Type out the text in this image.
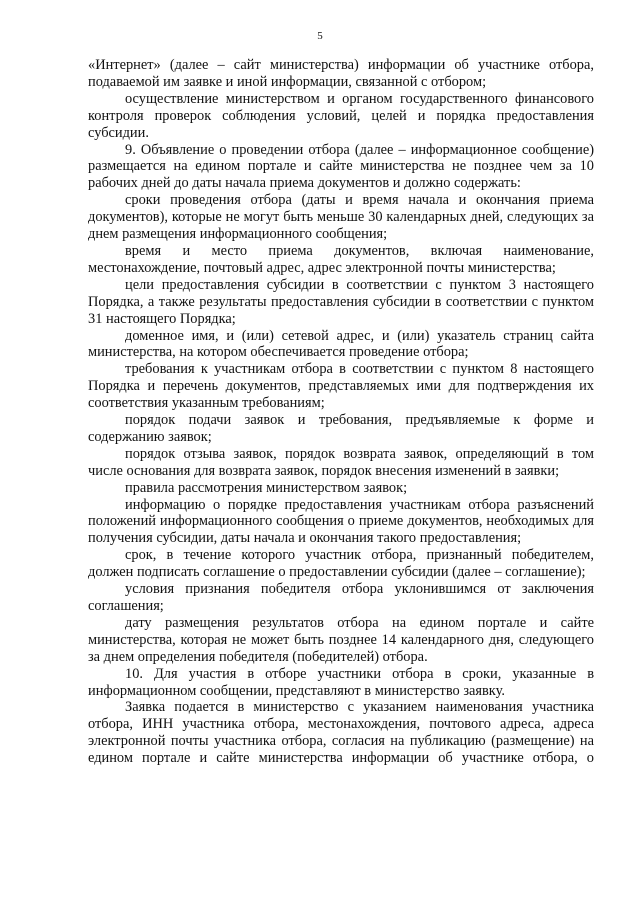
5

«Интернет» (далее – сайт министерства) информации об участнике отбора, подаваемой им заявке и иной информации, связанной с отбором;

осуществление министерством и органом государственного финансового контроля проверок соблюдения условий, целей и порядка предоставления субсидии.

9. Объявление о проведении отбора (далее – информационное сообщение) размещается на едином портале и сайте министерства не позднее чем за 10 рабочих дней до даты начала приема документов и должно содержать:

сроки проведения отбора (даты и время начала и окончания приема документов), которые не могут быть меньше 30 календарных дней, следующих за днем размещения информационного сообщения;

время и место приема документов, включая наименование, местонахождение, почтовый адрес, адрес электронной почты министерства;

цели предоставления субсидии в соответствии с пунктом 3 настоящего Порядка, а также результаты предоставления субсидии в соответствии с пунктом 31 настоящего Порядка;

доменное имя, и (или) сетевой адрес, и (или) указатель страниц сайта министерства, на котором обеспечивается проведение отбора;

требования к участникам отбора в соответствии с пунктом 8 настоящего Порядка и перечень документов, представляемых ими для подтверждения их соответствия указанным требованиям;

порядок подачи заявок и требования, предъявляемые к форме и содержанию заявок;

порядок отзыва заявок, порядок возврата заявок, определяющий в том числе основания для возврата заявок, порядок внесения изменений в заявки;

правила рассмотрения министерством заявок;

информацию о порядке предоставления участникам отбора разъяснений положений информационного сообщения о приеме документов, необходимых для получения субсидии, даты начала и окончания такого предоставления;

срок, в течение которого участник отбора, признанный победителем, должен подписать соглашение о предоставлении субсидии (далее – соглашение);

условия признания победителя отбора уклонившимся от заключения соглашения;

дату размещения результатов отбора на едином портале и сайте министерства, которая не может быть позднее 14 календарного дня, следующего за днем определения победителя (победителей) отбора.

10. Для участия в отборе участники отбора в сроки, указанные в информационном сообщении, представляют в министерство заявку.

Заявка подается в министерство с указанием наименования участника отбора, ИНН участника отбора, местонахождения, почтового адреса, адреса электронной почты участника отбора, согласия на публикацию (размещение) на едином портале и сайте министерства информации об участнике отбора, о
